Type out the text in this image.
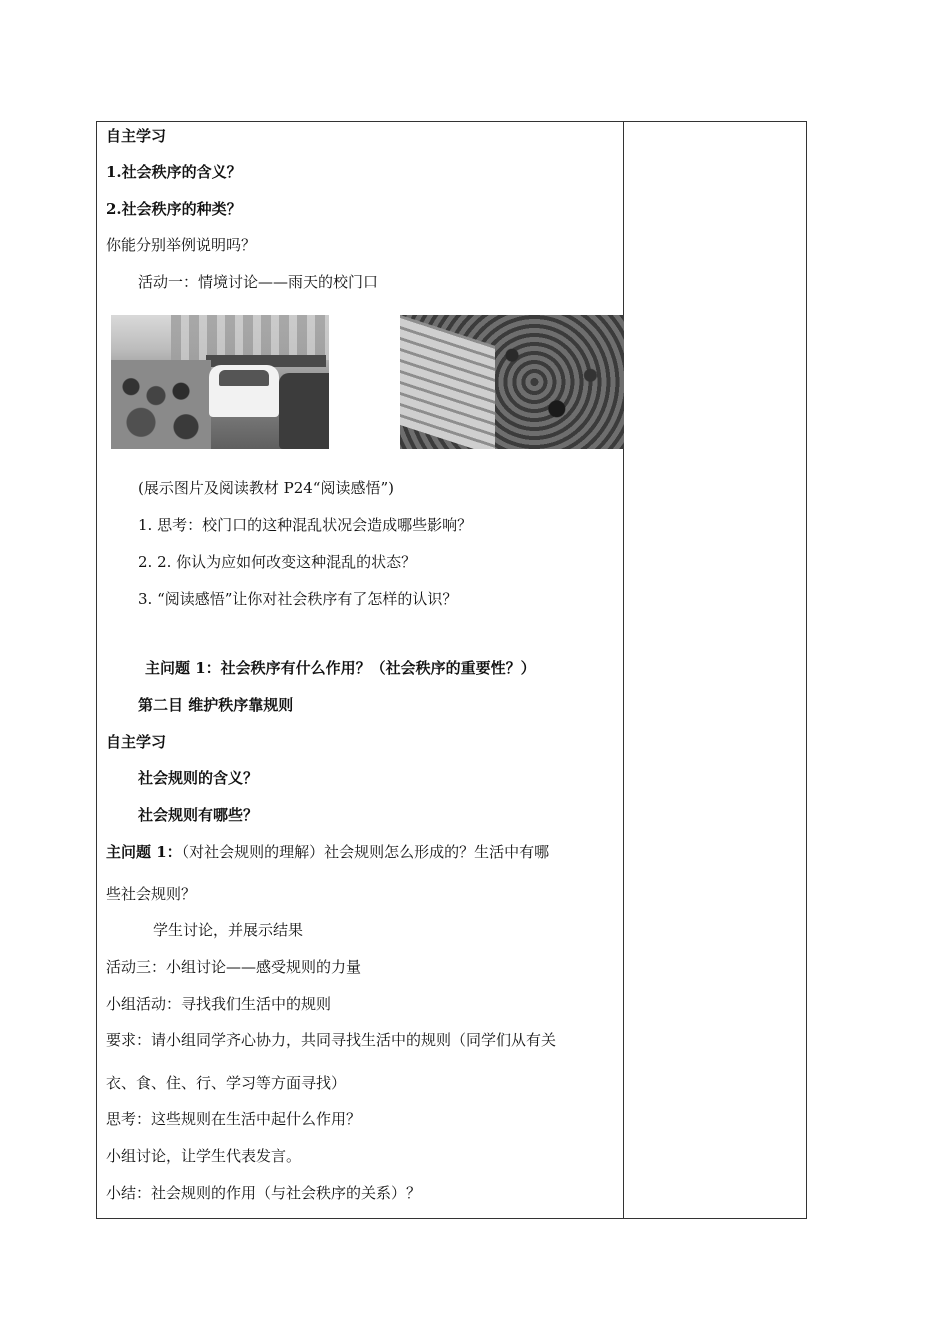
自主学习
1.社会秩序的含义？
2.社会秩序的种类？
你能分别举例说明吗？
活动一：情境讨论——雨天的校门口
(展示图片及阅读教材 P24“阅读感悟”)
1. 思考：校门口的这种混乱状况会造成哪些影响？
2. 2. 你认为应如何改变这种混乱的状态？
3. “阅读感悟”让你对社会秩序有了怎样的认识？
主问题 1：社会秩序有什么作用？（社会秩序的重要性？）
第二目 维护秩序靠规则
自主学习
社会规则的含义？
社会规则有哪些？
主问题 1：（对社会规则的理解）社会规则怎么形成的？生活中有哪
些社会规则？
学生讨论，并展示结果
活动三：小组讨论——感受规则的力量
小组活动：寻找我们生活中的规则
要求：请小组同学齐心协力，共同寻找生活中的规则（同学们从有关
衣、食、住、行、学习等方面寻找）
思考：这些规则在生活中起什么作用？
小组讨论，让学生代表发言。
小结：社会规则的作用（与社会秩序的关系）？
